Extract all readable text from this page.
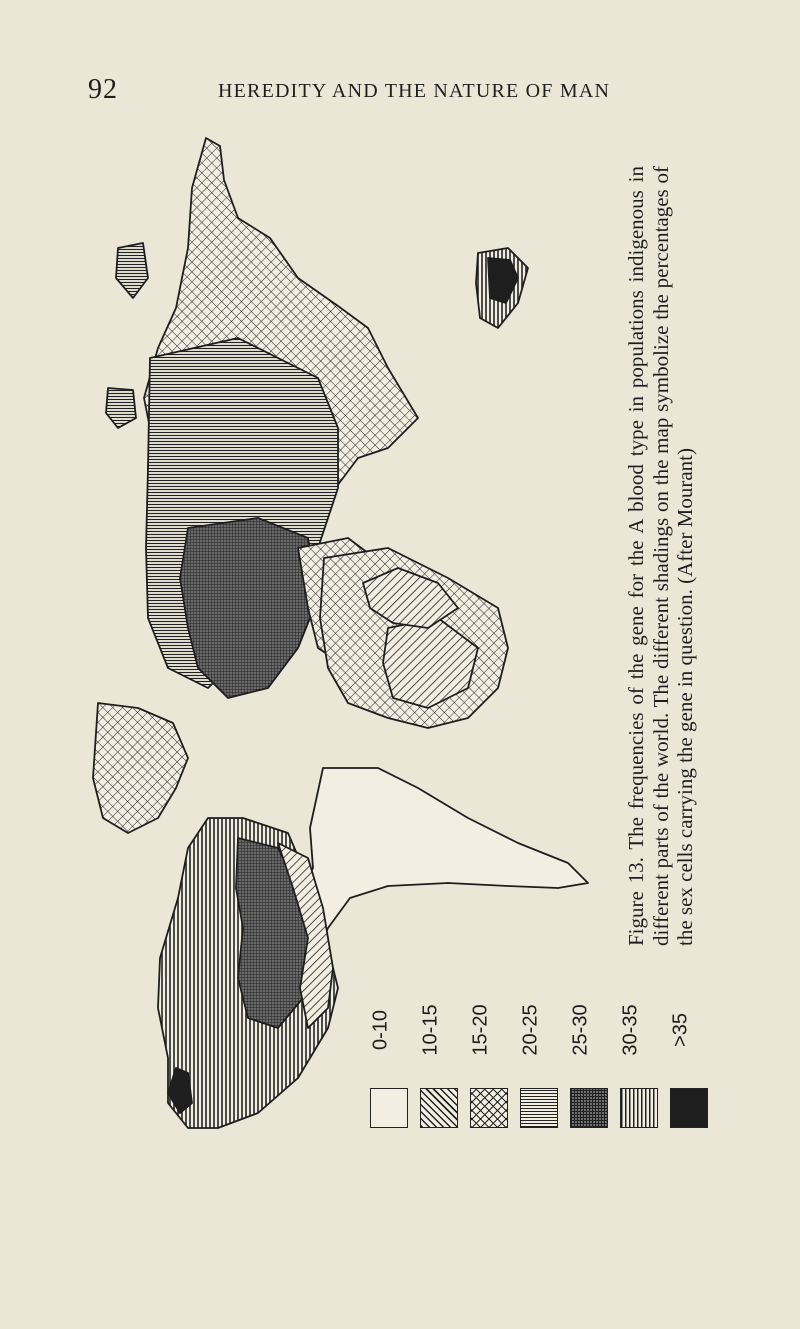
92	HEREDITY AND THE NATURE OF MAN
0-10 10-15 15-20 20-25 25-30 30-35 >35
Figure 13. The frequencies of the gene for the A blood type in populations indigenous in different parts of the world. The different shadings on the map symbolize the percentages of the sex cells carrying the gene in question. (After Mourant)
